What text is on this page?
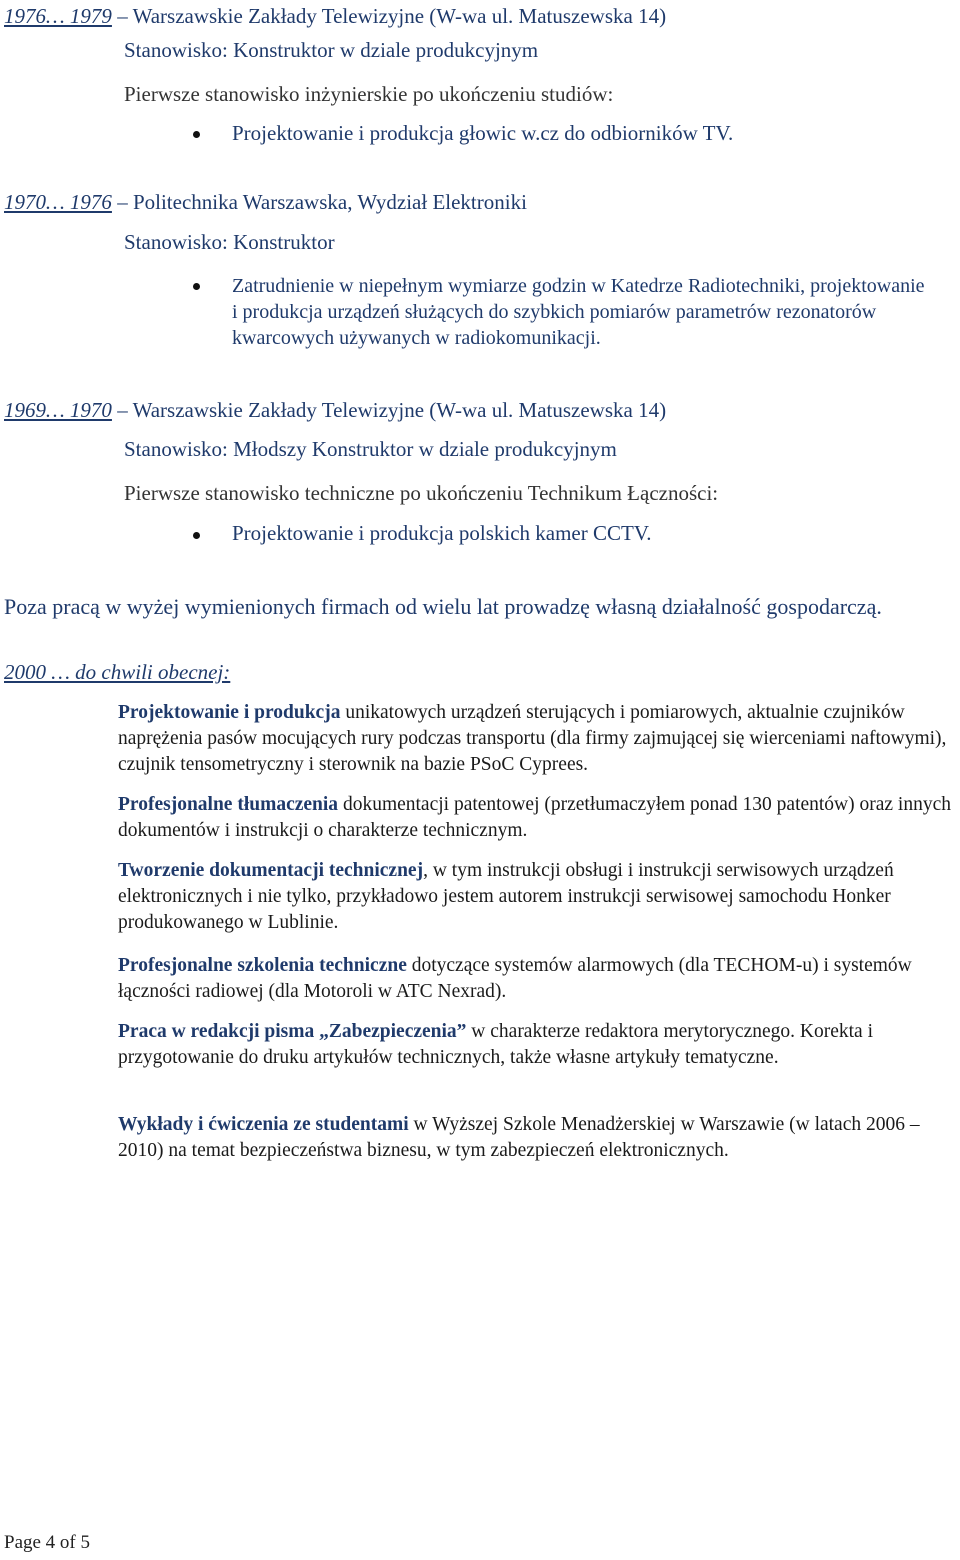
1976… 1979 – Warszawskie Zakłady Telewizyjne (W-wa ul. Matuszewska 14)
Stanowisko: Konstruktor w dziale produkcyjnym
Pierwsze stanowisko inżynierskie po ukończeniu studiów:
Projektowanie i produkcja głowic w.cz do odbiorników TV.
1970… 1976 – Politechnika Warszawska, Wydział Elektroniki
Stanowisko: Konstruktor
Zatrudnienie w niepełnym wymiarze godzin w Katedrze Radiotechniki, projektowanie i produkcja urządzeń służących do szybkich pomiarów parametrów rezonatorów kwarcowych używanych w radiokomunikacji.
1969… 1970 – Warszawskie Zakłady Telewizyjne (W-wa ul. Matuszewska 14)
Stanowisko: Młodszy Konstruktor w dziale produkcyjnym
Pierwsze stanowisko techniczne po ukończeniu Technikum Łączności:
Projektowanie i produkcja polskich kamer CCTV.
Poza pracą w wyżej wymienionych firmach od wielu lat prowadzę własną działalność gospodarczą.
2000 … do chwili obecnej:
Projektowanie i produkcja unikatowych urządzeń sterujących i pomiarowych, aktualnie czujników naprężenia pasów mocujących rury podczas transportu (dla firmy zajmującej się wierceniami naftowymi), czujnik tensometryczny i sterownik na bazie PSoC Cyprees.
Profesjonalne tłumaczenia dokumentacji patentowej (przetłumaczyłem ponad 130 patentów) oraz innych dokumentów i instrukcji o charakterze technicznym.
Tworzenie dokumentacji technicznej, w tym instrukcji obsługi i instrukcji serwisowych urządzeń elektronicznych i nie tylko, przykładowo jestem autorem instrukcji serwisowej samochodu Honker produkowanego w Lublinie.
Profesjonalne szkolenia techniczne dotyczące systemów alarmowych (dla TECHOM-u) i systemów łączności radiowej (dla Motoroli w ATC Nexrad).
Praca w redakcji pisma „Zabezpieczenia” w charakterze redaktora merytorycznego. Korekta i przygotowanie do druku artykułów technicznych, także własne artykuły tematyczne.
Wykłady i ćwiczenia ze studentami w Wyższej Szkole Menadżerskiej w Warszawie (w latach 2006 – 2010) na temat bezpieczeństwa biznesu, w tym zabezpieczeń elektronicznych.
Page 4 of 5
